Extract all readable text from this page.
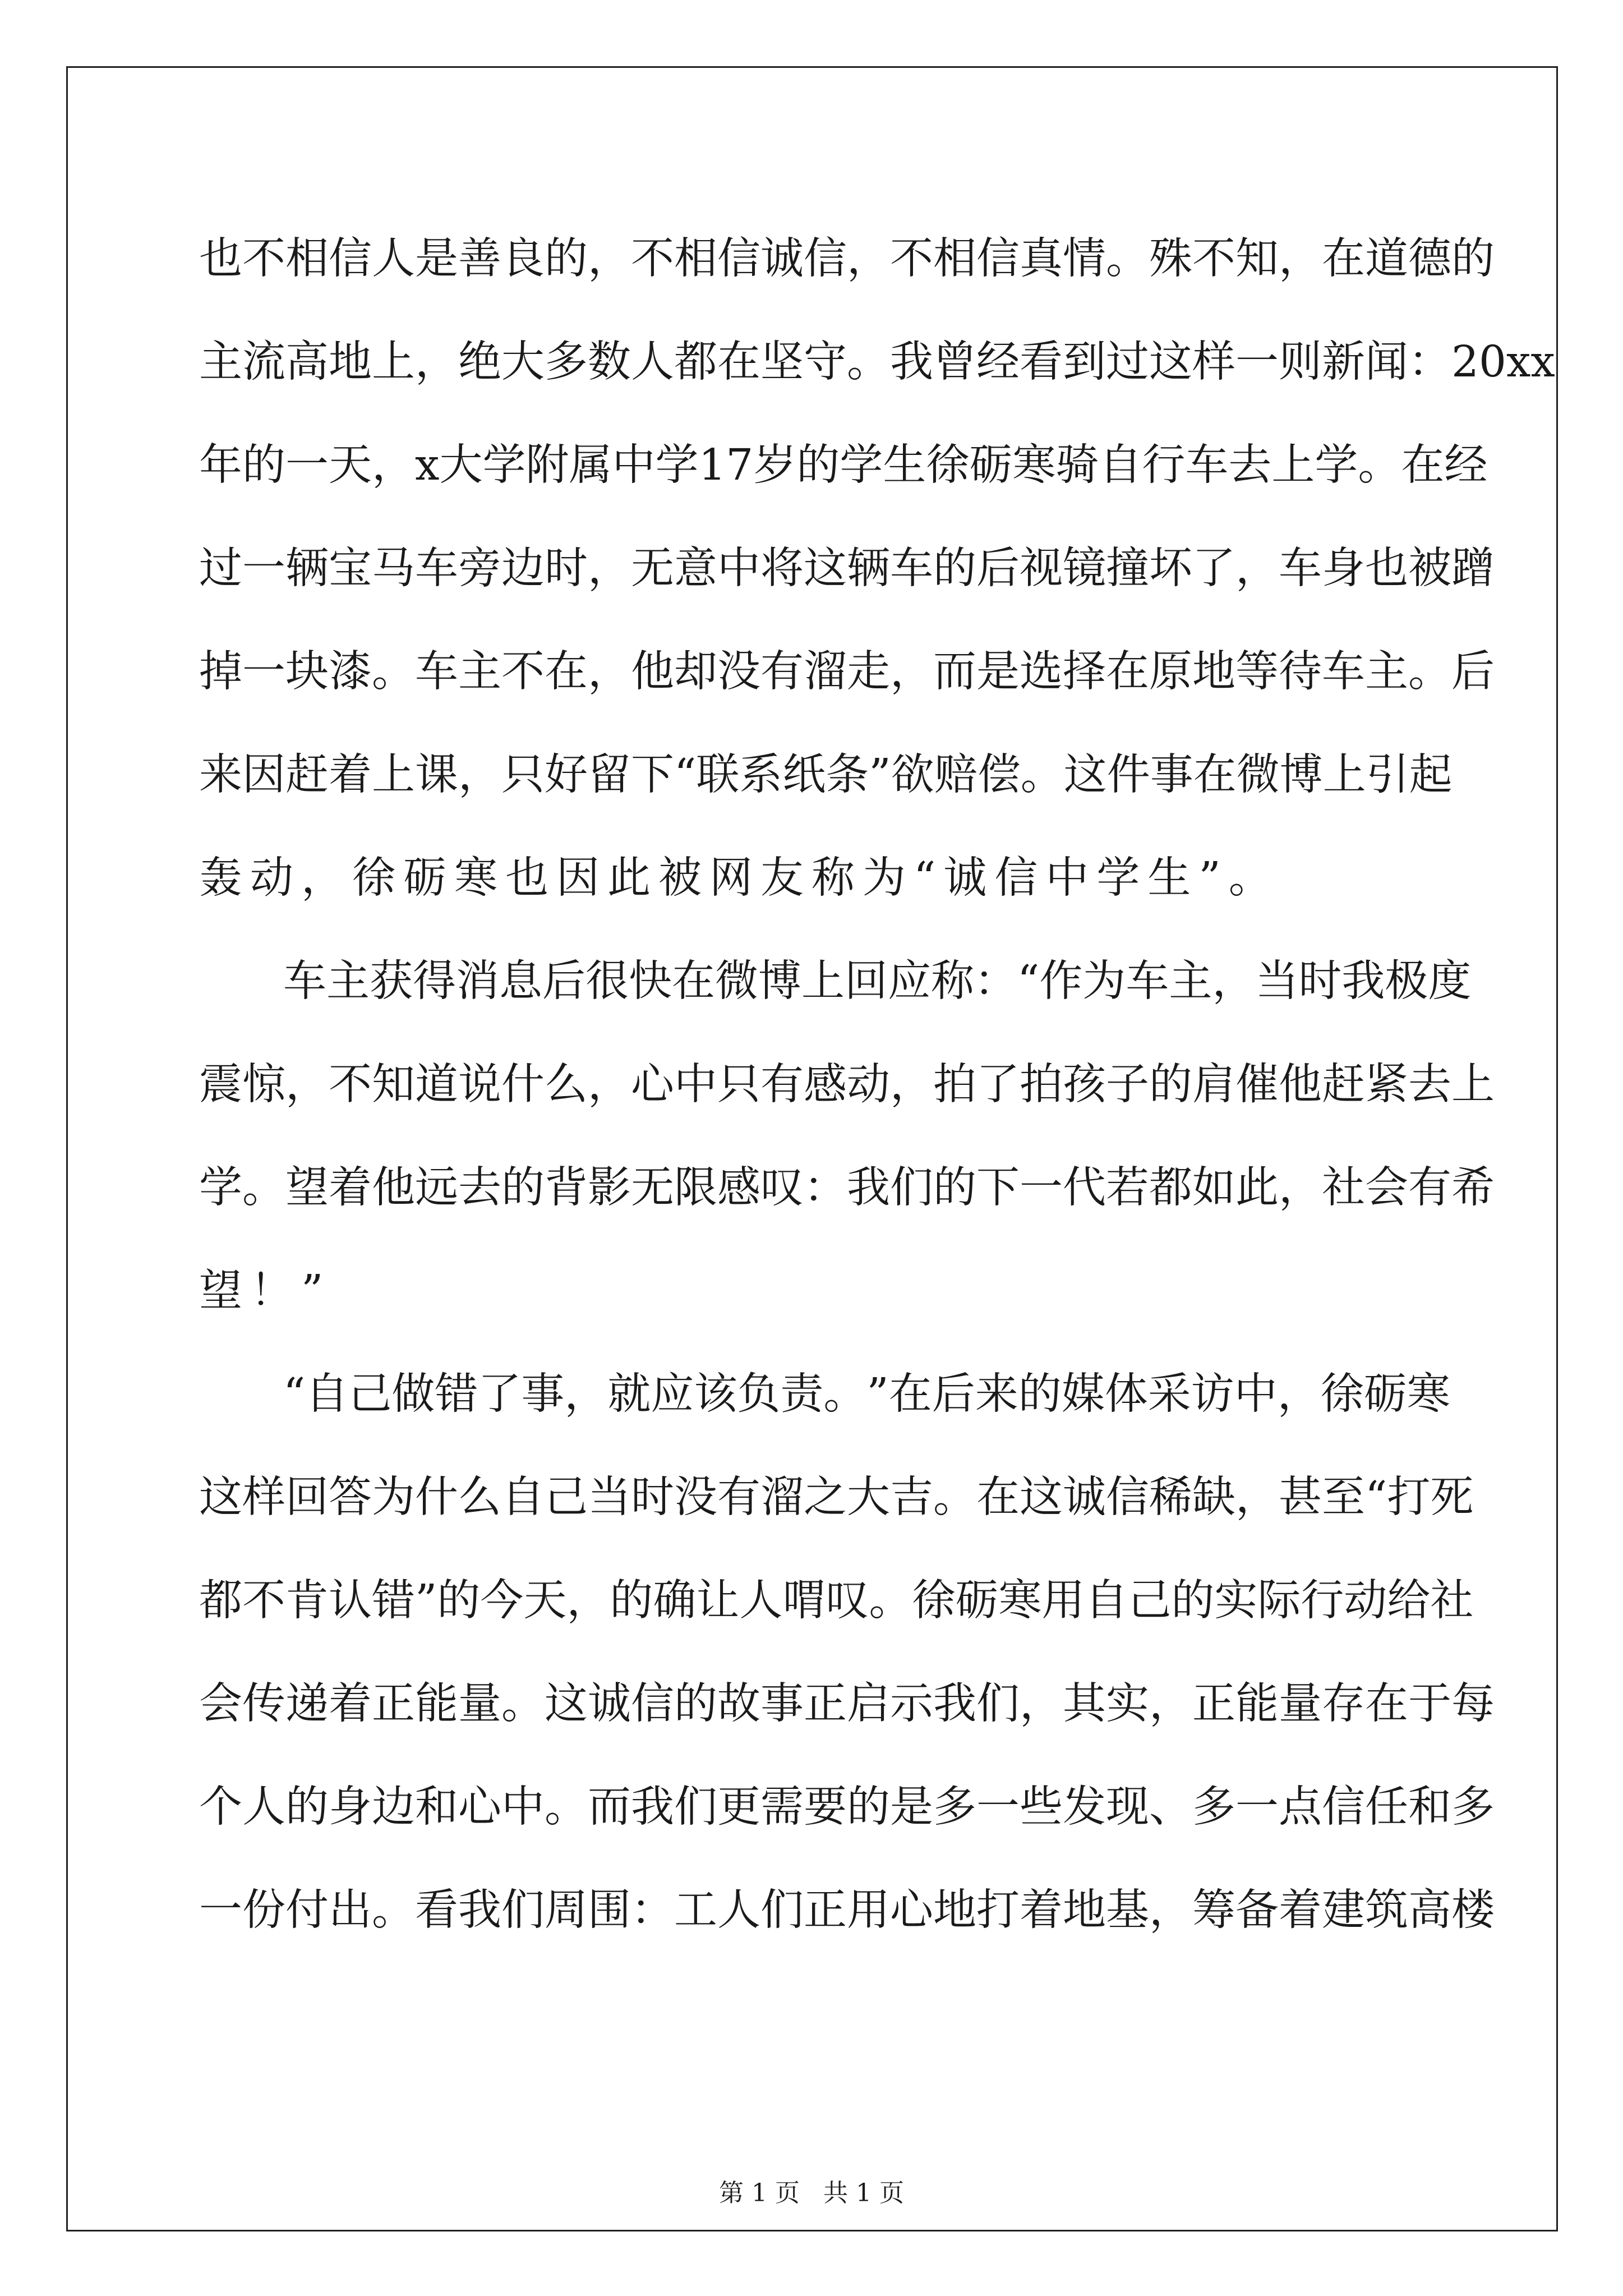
也 不 相 信 人 是 善 良 的 ， 不 相 信 诚 信 ， 不 相 信 真 情 。 殊 不 知 ， 在 道 德 的
主 流 高 地 上 ， 绝 大 多 数 人 都 在 坚 守 。 我 曾 经 看 到 过 这 样 一 则 新 闻 ： 20xx
年 的 一 天 ， x 大 学 附 属 中 学 17 岁 的 学 生 徐 砺 寒 骑 自 行 车 去 上 学 。 在 经
过 一 辆 宝 马 车 旁 边 时 ， 无 意 中 将 这 辆 车 的 后 视 镜 撞 坏 了 ， 车 身 也 被 蹭
掉 一 块 漆 。 车 主 不 在 ， 他 却 没 有 溜 走 ， 而 是 选 择 在 原 地 等 待 车 主 。 后
来 因 赶 着 上 课 ， 只 好 留 下 “ 联 系 纸 条 ” 欲 赔 偿 。 这 件 事 在 微 博 上 引 起
轰动，徐砺寒也因此被网友称为“诚信中学生”。
车 主 获 得 消 息 后 很 快 在 微 博 上 回 应 称 ： “ 作 为 车 主 ， 当 时 我 极 度
震 惊 ， 不 知 道 说 什 么 ， 心 中 只 有 感 动 ， 拍 了 拍 孩 子 的 肩 催 他 赶 紧 去 上
学 。 望 着 他 远 去 的 背 影 无 限 感 叹 ： 我 们 的 下 一 代 若 都 如 此 ， 社 会 有 希
望！”
“ 自 己 做 错 了 事 ， 就 应 该 负 责 。 ” 在 后 来 的 媒 体 采 访 中 ， 徐 砺 寒
这 样 回 答 为 什 么 自 己 当 时 没 有 溜 之 大 吉 。 在 这 诚 信 稀 缺 ， 甚 至 “ 打 死
都 不 肯 认 错 ” 的 今 天 ， 的 确 让 人 喟 叹 。 徐 砺 寒 用 自 己 的 实 际 行 动 给 社
会 传 递 着 正 能 量 。 这 诚 信 的 故 事 正 启 示 我 们 ， 其 实 ， 正 能 量 存 在 于 每
个 人 的 身 边 和 心 中 。 而 我 们 更 需 要 的 是 多 一 些 发 现 、 多 一 点 信 任 和 多
一 份 付 出 。 看 我 们 周 围 ： 工 人 们 正 用 心 地 打 着 地 基 ， 筹 备 着 建 筑 高 楼
第 1 页 共 1 页
